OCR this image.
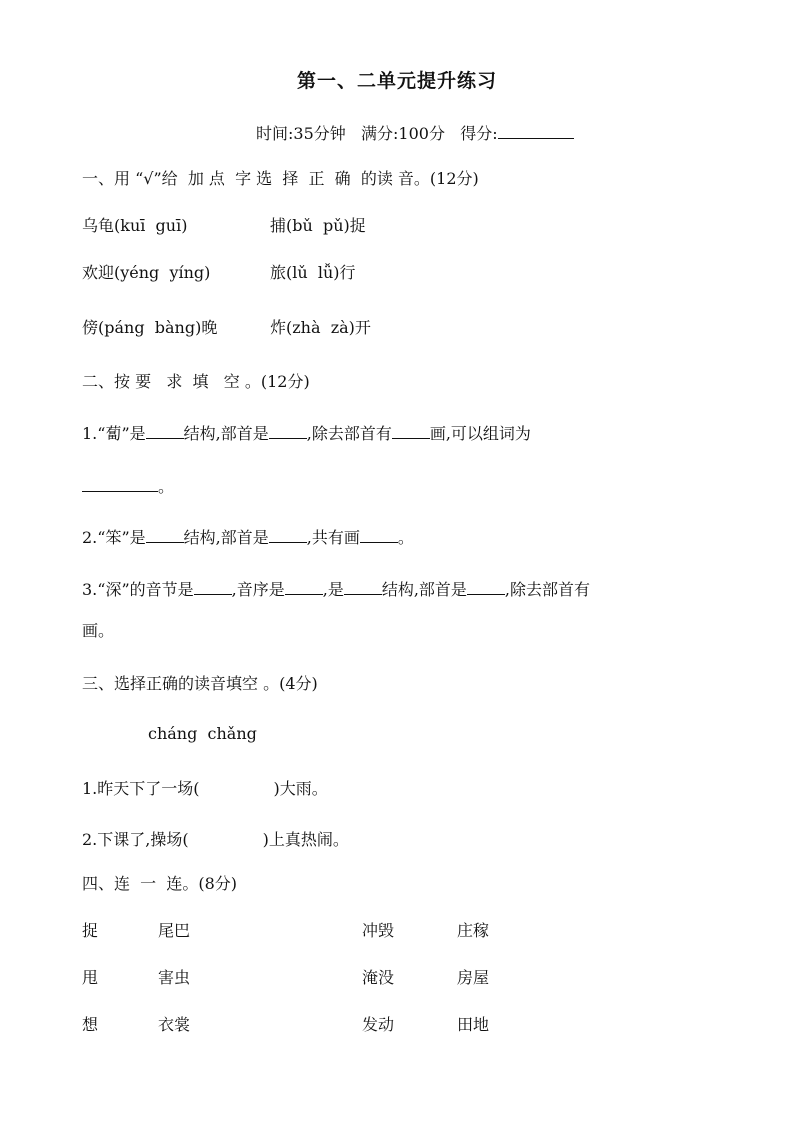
第一、二单元提升练习
时间:35分钟 满分:100分 得分:
一、用 “√”给  加 点  字 选  择  正  确  的读 音。(12分)
乌龟(kuī  guī)	捕(bǔ  pǔ)捉
欢迎(yéng  yíng)	旅(lǔ  lǚ)行
傍(páng  bàng)晚	炸(zhà  zà)开
二、按 要   求  填   空 。(12分)
1.“蔔”是 结构,部首是 ,除去部首有 画,可以组词为
。
2.“笨”是 结构,部首是 ,共有画 。
3.“深”的音节是 ,音序是 ,是 结构,部首是 ,除去部首有
画。
三、选择正确的读音填空 。(4分)
cháng  chǎng
1.昨天下了一场(	)大雨。
2.下课了,操场(	)上真热闹。
四、连  一  连。(8分)
捉	尾巴	冲毁	庄稼
甩	害虫	淹没	房屋
想	衣裳	发动	田地
